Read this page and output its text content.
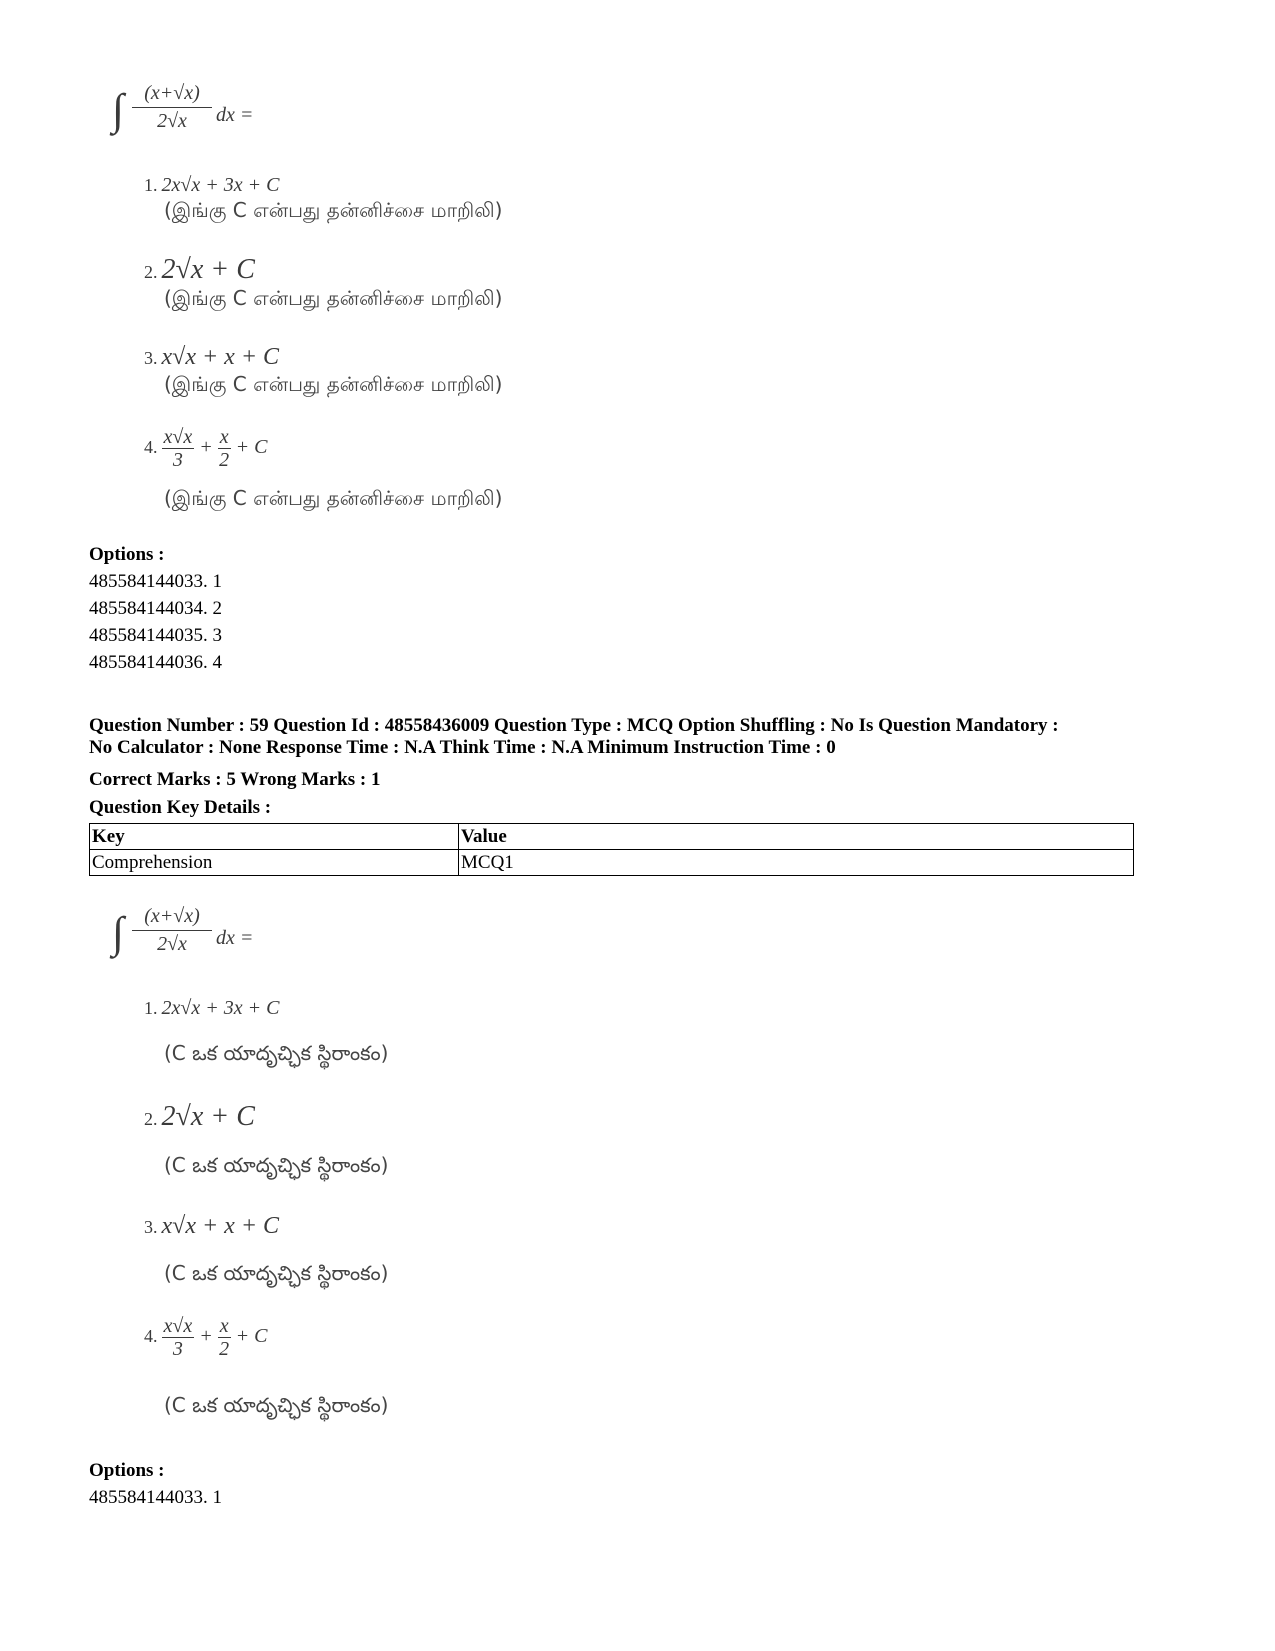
∫	(x+√x)
2√x	dx =
1. 2x√x + 3x + C
(இங்கு C என்பது தன்னிச்சை மாறிலி)
2. 2√x + C
(இங்கு C என்பது தன்னிச்சை மாறிலி)
3. x√x + x + C
(இங்கு C என்பது தன்னிச்சை மாறிலி)
4. $\frac{x√x}{3} + \frac{x}{2} + C$
(இங்கு C என்பது தன்னிச்சை மாறிலி)
Options :
485584144033. 1
485584144034. 2
485584144035. 3
485584144036. 4
Question Number : 59 Question Id : 48558436009 Question Type : MCQ Option Shuffling : No Is Question Mandatory :
No Calculator : None Response Time : N.A Think Time : N.A Minimum Instruction Time : 0
Correct Marks : 5 Wrong Marks : 1
Question Key Details :
Key	Value
Comprehension	MCQ1
∫	(x+√x)
2√x	dx =
1. 2x√x + 3x + C
(C ఒక యాదృచ్ఛిక స్థిరాంకం)
2. 2√x + C
(C ఒక యాదృచ్ఛిక స్థిరాంకం)
3. x√x + x + C
(C ఒక యాదృచ్ఛిక స్థిరాంకం)
4. $\frac{x√x}{3} + \frac{x}{2} + C$
(C ఒక యాదృచ్ఛిక స్థిరాంకం)
Options :
485584144033. 1
